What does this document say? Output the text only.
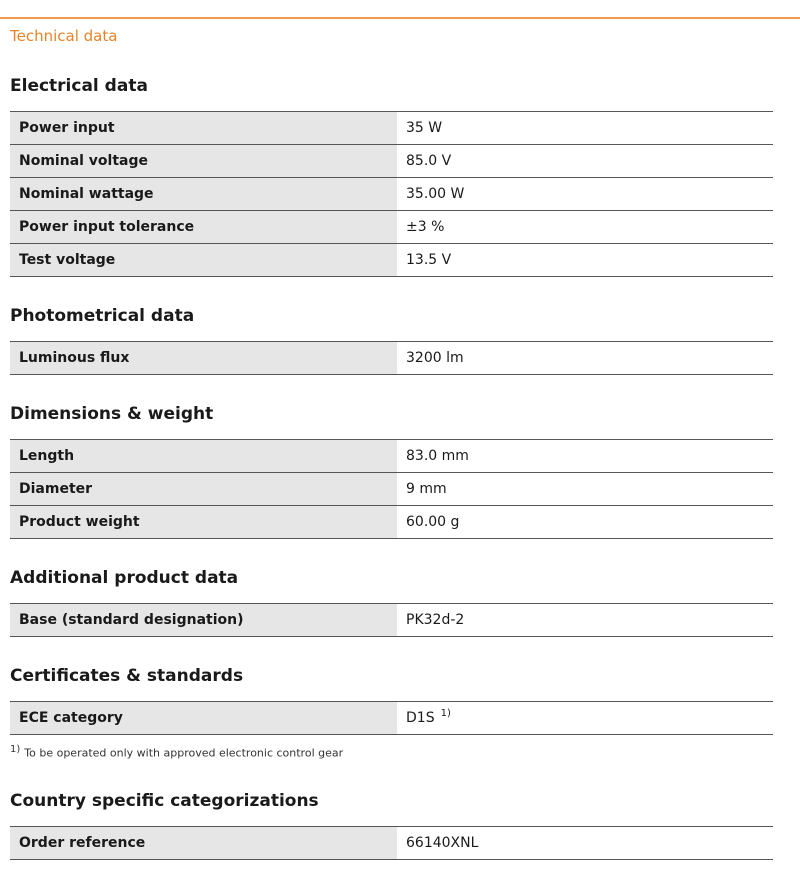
Technical data
Electrical data
Power input	35 W
Nominal voltage	85.0 V
Nominal wattage	35.00 W
Power input tolerance	±3 %
Test voltage	13.5 V
Photometrical data
Luminous flux	3200 lm
Dimensions & weight
Length	83.0 mm
Diameter	9 mm
Product weight	60.00 g
Additional product data
Base (standard designation)	PK32d-2
Certificates & standards
ECE category	D1S $^{1)}$
$^{1)}$ To be operated only with approved electronic control gear
Country specific categorizations
Order reference	66140XNL
